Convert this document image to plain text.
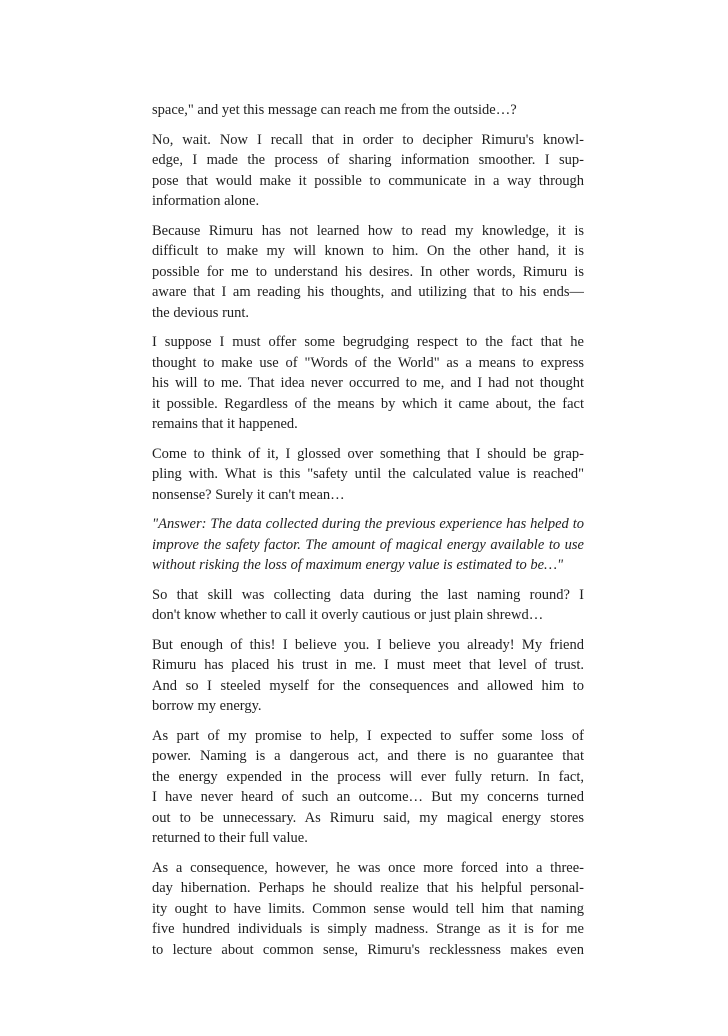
space," and yet this message can reach me from the outside…?
No, wait. Now I recall that in order to decipher Rimuru's knowl-
edge, I made the process of sharing information smoother. I sup-
pose that would make it possible to communicate in a way through
information alone.
Because Rimuru has not learned how to read my knowledge, it is
difficult to make my will known to him. On the other hand, it is
possible for me to understand his desires. In other words, Rimuru is
aware that I am reading his thoughts, and utilizing that to his ends—
the devious runt.
I suppose I must offer some begrudging respect to the fact that he
thought to make use of "Words of the World" as a means to express
his will to me. That idea never occurred to me, and I had not thought
it possible. Regardless of the means by which it came about, the fact
remains that it happened.
Come to think of it, I glossed over something that I should be grap-
pling with. What is this "safety until the calculated value is reached"
nonsense? Surely it can't mean…
"Answer: The data collected during the previous experience has helped to
improve the safety factor. The amount of magical energy available to use
without risking the loss of maximum energy value is estimated to be…"
So that skill was collecting data during the last naming round? I
don't know whether to call it overly cautious or just plain shrewd…
But enough of this! I believe you. I believe you already! My friend
Rimuru has placed his trust in me. I must meet that level of trust.
And so I steeled myself for the consequences and allowed him to
borrow my energy.
As part of my promise to help, I expected to suffer some loss of
power. Naming is a dangerous act, and there is no guarantee that
the energy expended in the process will ever fully return. In fact,
I have never heard of such an outcome… But my concerns turned
out to be unnecessary. As Rimuru said, my magical energy stores
returned to their full value.
As a consequence, however, he was once more forced into a three-
day hibernation. Perhaps he should realize that his helpful personal-
ity ought to have limits. Common sense would tell him that naming
five hundred individuals is simply madness. Strange as it is for me
to lecture about common sense, Rimuru's recklessness makes even
